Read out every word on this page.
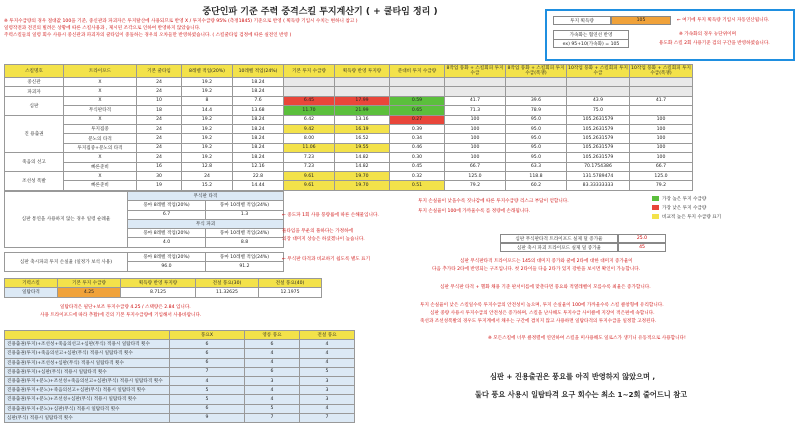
중단인파 기준 주력 중격스킬 투지계산기 ( + 쿨타임 정리 )
※ 투지수급량의 경우 절대값 100을 기준, 중신관과 파괴자은 투지탈산에 사용되므로 반영 X / 투지수급량 95% (측정1845) 기준으로 반영 ( 획득량 기입시 수치는 변하니 참고 )
일령작전과 전진의 빌려온 상황에 따른 스킬사용과 , 제시된 조각으로 인하여 반영하지 않았습니다.
주력스킬들의 일령 회수 사용시 중신관과 파괴자의 쿨타임이 중돌하는 경우의 오차들만 반영하였습니다. ( 스킬쿨타임 검정에 따른 실전인 반영 )
투지 획득량	105	← 여기에 투지 획득량 기입시 자동연산됩니다.
가속화는 협연선 반영
ex) 95+10(가속화) = 105
※ 가속화의 경우 뉴단위이며
용도화 스킬 2회 사용기준 검의 구간을 반영하였습니다.
스킬명호	트라이포드	기본 쿨타임	8레벨 적업(20%)	10레벨 적업(24%)	기본 투지 수급량	획득량 반영 투지량	분대비 투지 수급량	8작업 풍화 + 스킬회피 투지 수급	8작업 풍화 + 스킬회피 투지 수급(폭쟁)	10작업 풍화 + 스킬회피 투지 수급	10작업 풍화 + 스킬회피 투지 수급(폭쟁)
중신관	X	24	19.2	18.24							
파괴자	X	24	19.2	18.24							
심판	X	10	8	7.6	6.45	17.99	0.59	41.7	39.6	43.9	41.7
	무식판타격	18	14.4	13.68	11.70	21.99	0.65	71.3	78.9	75.0	
진 용출권	X	24	19.2	18.24	6.42	13.16	0.27	100	95.0	105.2631579	100
	투지집중	24	19.2	18.24	9.42	16.19	0.39	100	95.0	105.2631579	100
	분노의 타격	24	19.2	18.24	8.00	16.52	0.34	100	95.0	105.2631579	100
	투지집중+분노의 타격	24	19.2	18.24	11.06	19.55	0.46	100	95.0	105.2631579	100
죽음의 선고	X	24	19.2	18.24	7.23	14.82	0.30	100	95.0	105.2631579	100
	빠른준비	16	12.8	12.16	7.23	14.82	0.45	66.7	63.3	70.1754386	66.7
조선성 폭발	X	30	24	22.8	9.61	19.70	0.32	125.0	118.8	131.5789474	125.0
	빠른준비	19	15.2	14.44	9.61	19.70	0.51	79.2	60.2	83.33333333	79.2
심판 통연을 사용하지 않는 경우 일령 순례율	무식판 타격	
	풍마 8레벨 적업(20%)	풍마 10레벨 적업(24%)
	6.7	1.3
	무식 파괴	
	풍마 8레벨 적업(20%)	풍마 10레벨 적업(24%)
	4.0	8.8
← 중도파 1회 사용 풍량률에 따른 손해물입니다.
풀타임을 무운의 풀하다는 가정하에
의장 대미지 상승은 하셨겠나이 높습니다.
심판 축시파괴 투지 손실율 (일정가 보석 사용)	풍마 8레벨 적업(20%)	풍마 10레벨 적업(24%)
	96.0	91.2
← 무식판 타격과 비교하기 쉽도록 별도 표기
기력스킬	기본 투지 수급량	획득량 반영 투지량	전설 풍요(30)	전설 풍요(40)
일탐타격	4.25	8.7125	11.32625	12.1975
일탐타격은 필단+보조 투지수급량 4.25 / 스택량은 2.84 입니다.
사용 트라이포드에 따라 추활(에 긴의 기본 투지수급량에 기입해서 사용바랍니다.
	풍요X	영롱 풍요	전설 풍요
진용출권(투지)+조선성+죽음의선고+심판(무식) 적용시 일탐타격 횟수	6	6	4
진용출권(투지)+죽음의선고+심판(무식) 적용시 일탐타격 횟수	6	4	4
진용출권(투지)+조선성+심판(무식) 적용시 일탐타격 횟수	6	4	4
진용출권(투지)+심판(무식) 적용시 일탐타격 횟수	7	6	5
진용출권(투지+분노)+조선성+죽음의선고+심판(무식) 적용시 일탐타격 횟수	4	3	3
진용출권(투지+분노)+죽음의선고+심판(무식) 적용시 일탐타격 횟수	5	4	3
진용출권(투지+분노)+조선성+심판(무식) 적용시 일탐타격 횟수	5	4	3
진용출권(투지+분노)+심판(무식) 적용시 일탐타격 횟수	6	5	4
심판(무식) 적용시 일탐타격 횟수	9	7	7
투지 손실율이 낮을수록 짓나감에 따른 투지수급량 리스크 부담이 얻합니다.
투지 손실율이 100에 가까울수록 를 정량에 손래됩니다.
가장 높은 투지 수급량
가장 낮은 투지 수급량
비교적 높은 투지 수급량 표기
심판 무식판타격 트라이포드 실제 딜 증가율	25.0
심판 축시 파괴 트라이포드 실제 딜 증가율	45
심판 무식판타격 트라이포드는 145의 대미지 증가와 쿨에 2타에 대한 대미지 증가율이
다음 추가타 2타에 반영되는 구조입니다. 첫 2타이들 다음 2타가 있지 강한을 보시면 확인이 가능합니다.
심판 무식판 타격 + 헬화 채용 기준 판서이를에 맞춘다면 풍요와 적열레벨이 모를수록 최율은 증가합니다.
투지 손실율이 낮은 스킬일수록 투지수급의 안전성이 높으며, 투지 손실율이 100에 가까울수록 스킬 클창형에 유리합니다.
심판 중량 사용시 투지수급의 안전성은 증가하며, 스킬을 난사해도 투지수급 사이클에 지장이 적은편에 속합니다.
죽선과 조선성폭발의 경우도 투지계에서 채우는 구간에 겹치지 않고 사용하면 일탐타격의 투지수급을 일정할 고정된다.
※ 모든스킬에 너무 클정렬에 연연하여 스킬을 미사용해도 일로스가 생기니 유동적으로 사용합니다!
심판 + 진용출권은 풍요를 아직 반영하지 않았으며 ,
둘다 풍요 사용시 일탐타격 요구 회수는 최소 1~2회 줄어드니 참고
